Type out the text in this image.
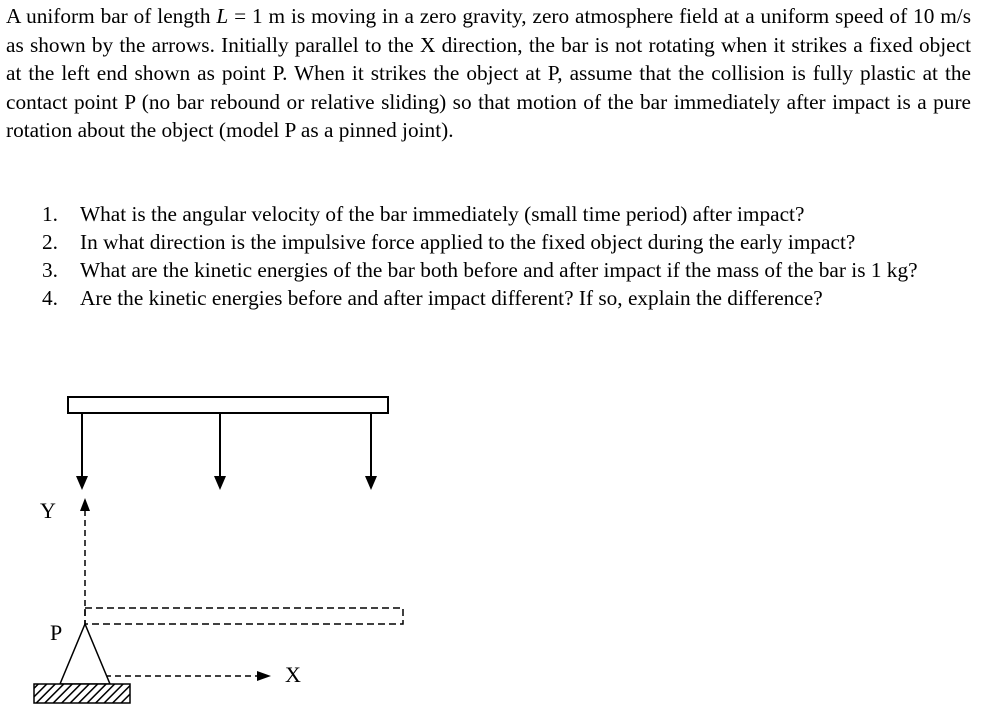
A uniform bar of length L = 1 m is moving in a zero gravity, zero atmosphere field at a uniform speed of 10 m/s as shown by the arrows. Initially parallel to the X direction, the bar is not rotating when it strikes a fixed object at the left end shown as point P. When it strikes the object at P, assume that the collision is fully plastic at the contact point P (no bar rebound or relative sliding) so that motion of the bar immediately after impact is a pure rotation about the object (model P as a pinned joint).

1. What is the angular velocity of the bar immediately (small time period) after impact?
2. In what direction is the impulsive force applied to the fixed object during the early impact?
3. What are the kinetic energies of the bar both before and after impact if the mass of the bar is 1 kg?
4. Are the kinetic energies before and after impact different? If so, explain the difference?
Y
X
P
